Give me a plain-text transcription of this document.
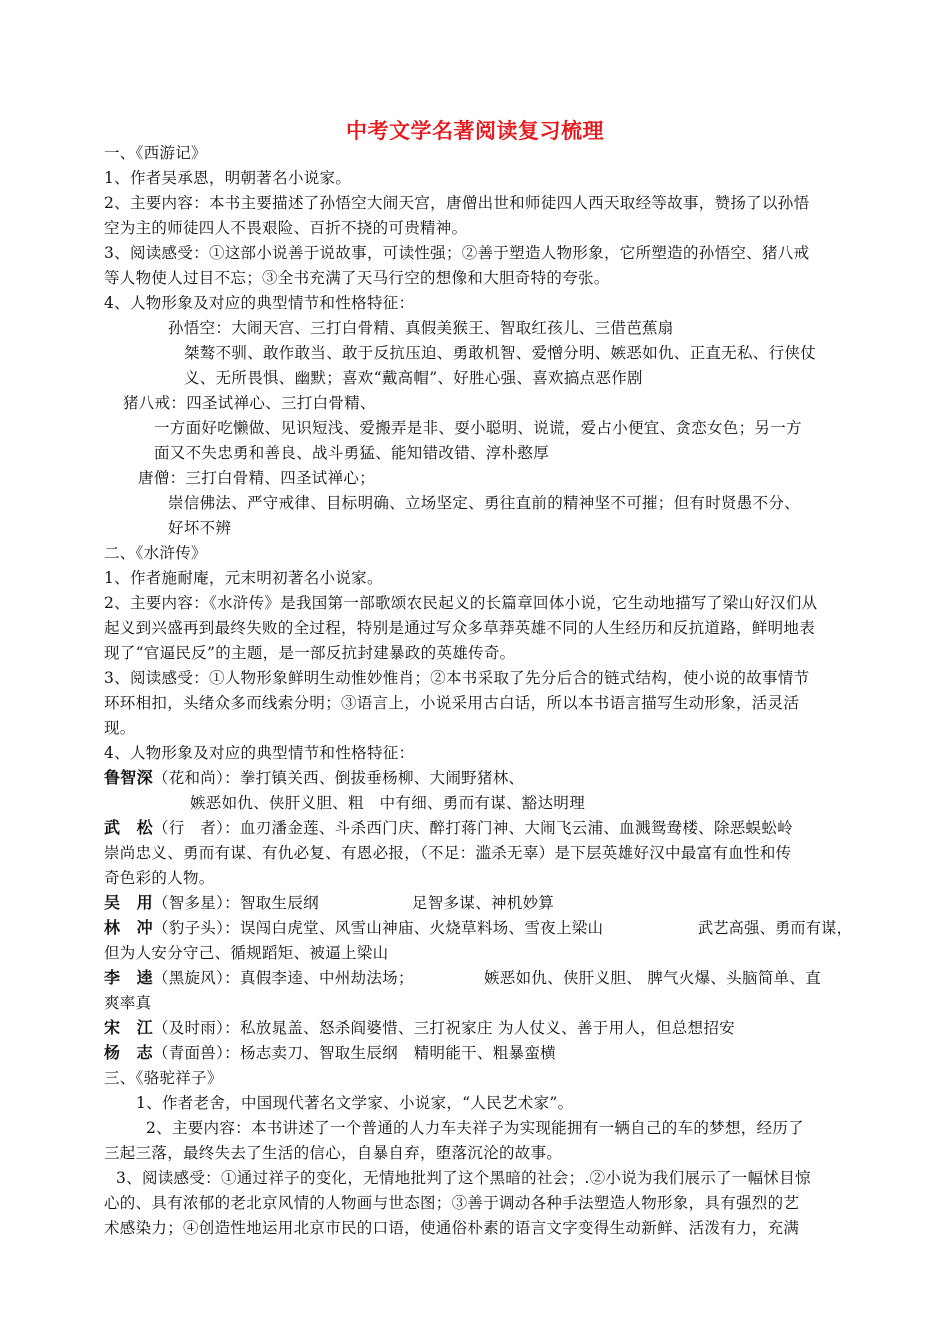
中考文学名著阅读复习梳理
一、《西游记》
1、作者吴承恩，明朝著名小说家。
2、主要内容：本书主要描述了孙悟空大闹天宫，唐僧出世和师徒四人西天取经等故事，赞扬了以孙悟
空为主的师徒四人不畏艰险、百折不挠的可贵精神。
3、阅读感受：①这部小说善于说故事，可读性强；②善于塑造人物形象，它所塑造的孙悟空、猪八戒
等人物使人过目不忘；③全书充满了天马行空的想像和大胆奇特的夸张。
4、人物形象及对应的典型情节和性格特征：
孙悟空：大闹天宫、三打白骨精、真假美猴王、智取红孩儿、三借芭蕉扇
桀骜不驯、敢作敢当、敢于反抗压迫、勇敢机智、爱憎分明、嫉恶如仇、正直无私、行侠仗
义、无所畏惧、幽默；喜欢“戴高帽”、好胜心强、喜欢搞点恶作剧
猪八戒：四圣试禅心、三打白骨精、
一方面好吃懒做、见识短浅、爱搬弄是非、耍小聪明、说谎，爱占小便宜、贪恋女色；另一方
面又不失忠勇和善良、战斗勇猛、能知错改错、淳朴憨厚
唐僧：三打白骨精、四圣试禅心；
崇信佛法、严守戒律、目标明确、立场坚定、勇往直前的精神坚不可摧；但有时贤愚不分、
好坏不辨
二、《水浒传》
1、作者施耐庵，元末明初著名小说家。
2、主要内容：《水浒传》是我国第一部歌颂农民起义的长篇章回体小说，它生动地描写了梁山好汉们从
起义到兴盛再到最终失败的全过程，特别是通过写众多草莽英雄不同的人生经历和反抗道路，鲜明地表
现了“官逼民反”的主题，是一部反抗封建暴政的英雄传奇。
3、阅读感受：①人物形象鲜明生动惟妙惟肖；②本书采取了先分后合的链式结构，使小说的故事情节
环环相扣，头绪众多而线索分明；③语言上，小说采用古白话，所以本书语言描写生动形象，活灵活
现。
4、人物形象及对应的典型情节和性格特征：
鲁智深（花和尚）：拳打镇关西、倒拔垂杨柳、大闹野猪林、
嫉恶如仇、侠肝义胆、粗　中有细、勇而有谋、豁达明理
武　松（行　者）：血刃潘金莲、斗杀西门庆、醉打蒋门神、大闹飞云浦、血溅鸳鸯楼、除恶蜈蚣岭
崇尚忠义、勇而有谋、有仇必复、有恩必报，（不足：滥杀无辜）是下层英雄好汉中最富有血性和传
奇色彩的人物。
吴　用（智多星）：智取生辰纲	足智多谋、神机妙算
林　冲（豹子头）：误闯白虎堂、风雪山神庙、火烧草料场、雪夜上梁山	武艺高强、勇而有谋，
但为人安分守己、循规蹈矩、被逼上梁山
李　逵（黑旋风）：真假李逵、中州劫法场；	嫉恶如仇、侠肝义胆、 脾气火爆、头脑简单、直
爽率真
宋　江（及时雨）：私放晁盖、怒杀阎婆惜、三打祝家庄 为人仗义、善于用人，但总想招安
杨　志（青面兽）：杨志卖刀、智取生辰纲　精明能干、粗暴蛮横
三、《骆驼祥子》
1、作者老舍，中国现代著名文学家、小说家，“人民艺术家”。
2、主要内容：本书讲述了一个普通的人力车夫祥子为实现能拥有一辆自己的车的梦想，经历了
三起三落，最终失去了生活的信心，自暴自弃，堕落沉沦的故事。
3、阅读感受：①通过祥子的变化，无情地批判了这个黑暗的社会；.②小说为我们展示了一幅怵目惊
心的、具有浓郁的老北京风情的人物画与世态图；③善于调动各种手法塑造人物形象，具有强烈的艺
术感染力；④创造性地运用北京市民的口语，使通俗朴素的语言文字变得生动新鲜、活泼有力，充满
